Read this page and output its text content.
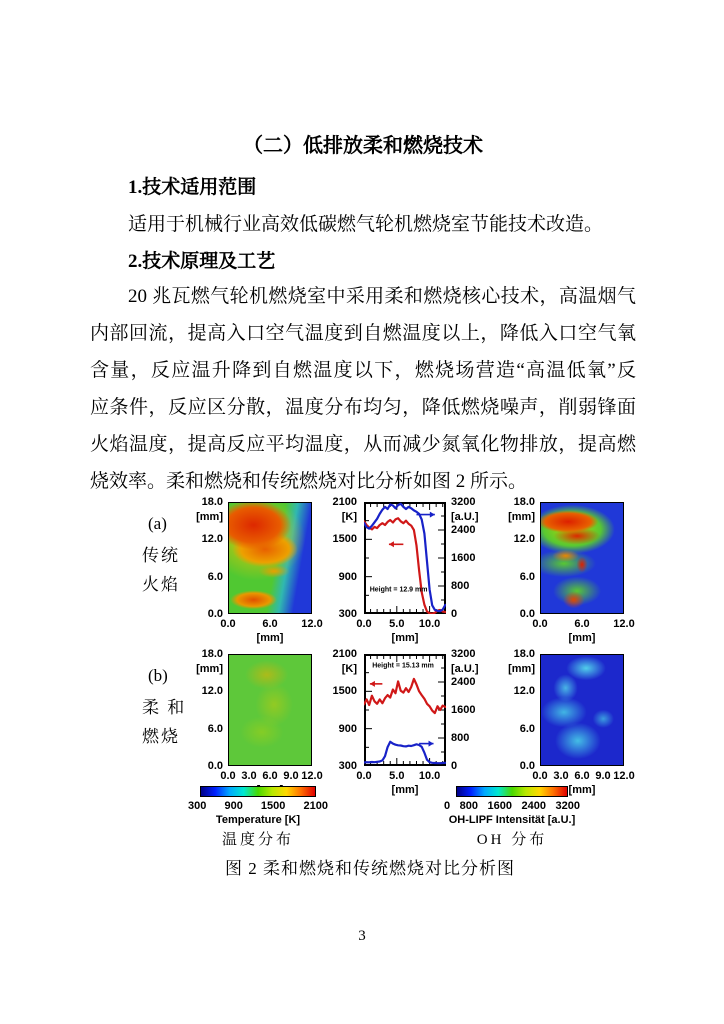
（二）低排放柔和燃烧技术
1.技术适用范围
适用于机械行业高效低碳燃气轮机燃烧室节能技术改造。
2.技术原理及工艺
20 兆瓦燃气轮机燃烧室中采用柔和燃烧核心技术，高温烟气
内部回流，提高入口空气温度到自燃温度以上，降低入口空气氧
含量，反应温升降到自燃温度以下，燃烧场营造“高温低氧”反
应条件，反应区分散，温度分布均匀，降低燃烧噪声，削弱锋面
火焰温度，提高反应平均温度，从而减少氮氧化物排放，提高燃
烧效率。柔和燃烧和传统燃烧对比分析如图 2 所示。
(a)
传统
火焰
18.0
[mm]
12.0
6.0
0.0
0.0 6.0 12.0
[mm]
2100
[K]
1500
900
300
Height = 12.9 mm
3200
[a.U.]
2400
1600
800
0
0.0 5.0 10.0
[mm]
18.0
[mm]
12.0
6.0
0.0
0.0 6.0 12.0
[mm]
(b)
柔 和
燃烧
18.0
[mm]
12.0
6.0
0.0
0.0 3.0 6.0 9.0 12.0
2100
[K]
1500
900
300
Height = 15.13 mm
3200
[a.U.]
2400
1600
800
0
0.0 5.0 10.0
[mm]
18.0
[mm]
12.0
6.0
0.0
0.0 3.0 6.0 9.0 12.0
[mm]
300 900 1500 2100
Temperature [K]
温度分布
0 800 1600 2400 3200
OH-LIPF Intensität [a.U.]
OH 分布
图 2 柔和燃烧和传统燃烧对比分析图
3
